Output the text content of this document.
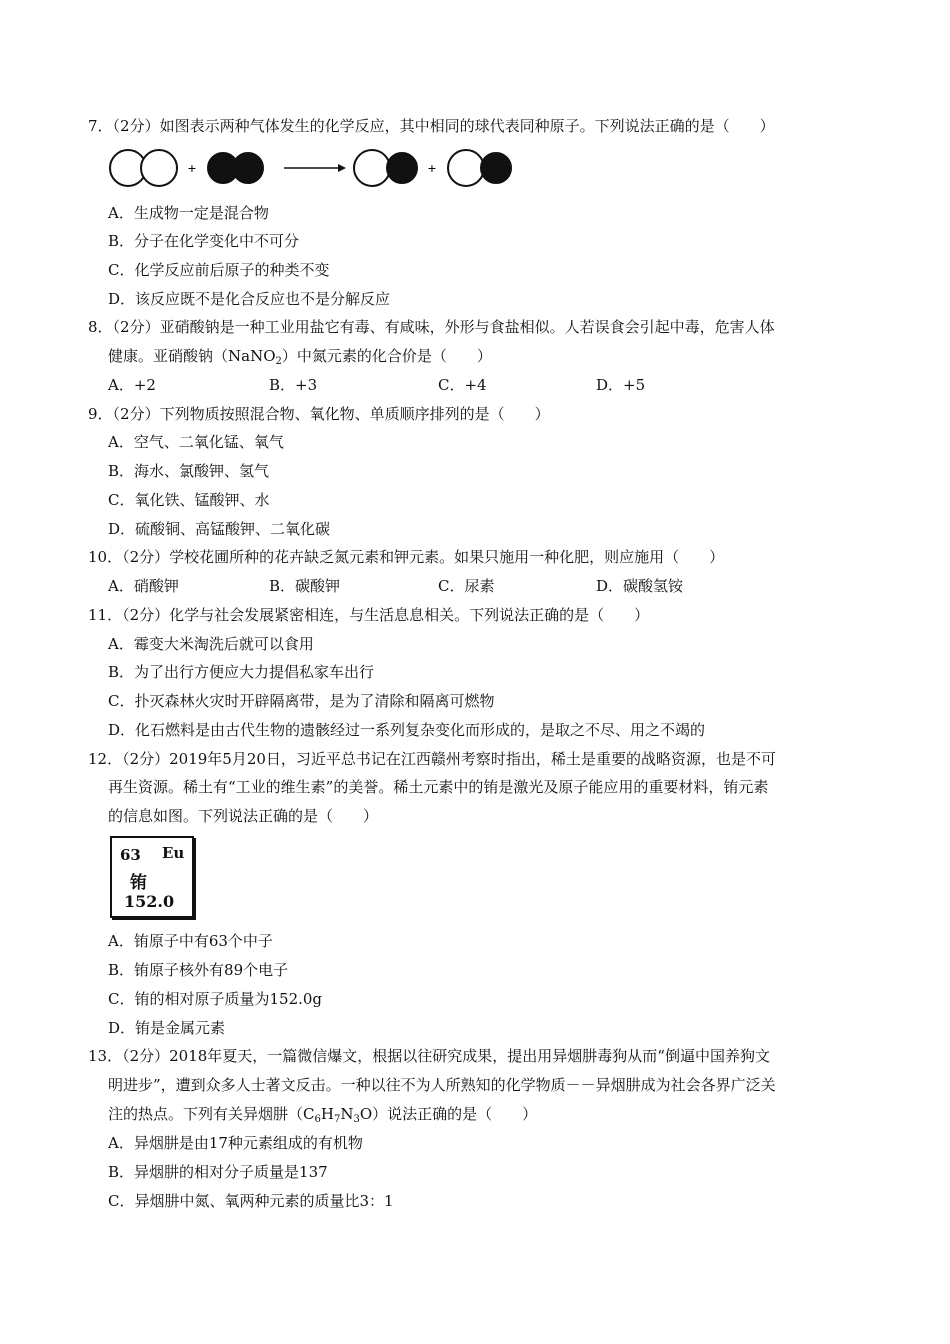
7．（2分）如图表示两种气体发生的化学反应，其中相同的球代表同种原子。下列说法正确的是（　　）
+	+
A．生成物一定是混合物
B．分子在化学变化中不可分
C．化学反应前后原子的种类不变
D．该反应既不是化合反应也不是分解反应
8．（2分）亚硝酸钠是一种工业用盐它有毒、有咸味，外形与食盐相似。人若误食会引起中毒，危害人体
健康。亚硝酸钠（NaNO$_2$）中氮元素的化合价是（　　）
A．+2	B．+3	C．+4	D．+5
9．（2分）下列物质按照混合物、氧化物、单质顺序排列的是（　　）
A．空气、二氧化锰、氧气
B．海水、氯酸钾、氢气
C．氧化铁、锰酸钾、水
D．硫酸铜、高锰酸钾、二氧化碳
10．（2分）学校花圃所种的花卉缺乏氮元素和钾元素。如果只施用一种化肥，则应施用（　　）
A．硝酸钾	B．碳酸钾	C．尿素	D．碳酸氢铵
11．（2分）化学与社会发展紧密相连，与生活息息相关。下列说法正确的是（　　）
A．霉变大米淘洗后就可以食用
B．为了出行方便应大力提倡私家车出行
C．扑灭森林火灾时开辟隔离带，是为了清除和隔离可燃物
D．化石燃料是由古代生物的遗骸经过一系列复杂变化而形成的，是取之不尽、用之不竭的
12．（2分）2019年5月20日，习近平总书记在江西赣州考察时指出，稀土是重要的战略资源，也是不可
再生资源。稀土有“工业的维生素”的美誉。稀土元素中的铕是激光及原子能应用的重要材料，铕元素
的信息如图。下列说法正确的是（　　）
63 Eu
铕
152.0
A．铕原子中有63个中子
B．铕原子核外有89个电子
C．铕的相对原子质量为152.0g
D．铕是金属元素
13．（2分）2018年夏天，一篇微信爆文，根据以往研究成果，提出用异烟肼毒狗从而“倒逼中国养狗文
明进步”，遭到众多人士著文反击。一种以往不为人所熟知的化学物质－－异烟肼成为社会各界广泛关
注的热点。下列有关异烟肼$(C_6H_7N_3O)$说法正确的是（　　）
A．异烟肼是由17种元素组成的有机物
B．异烟肼的相对分子质量是137
C．异烟肼中氮、氧两种元素的质量比3：1
